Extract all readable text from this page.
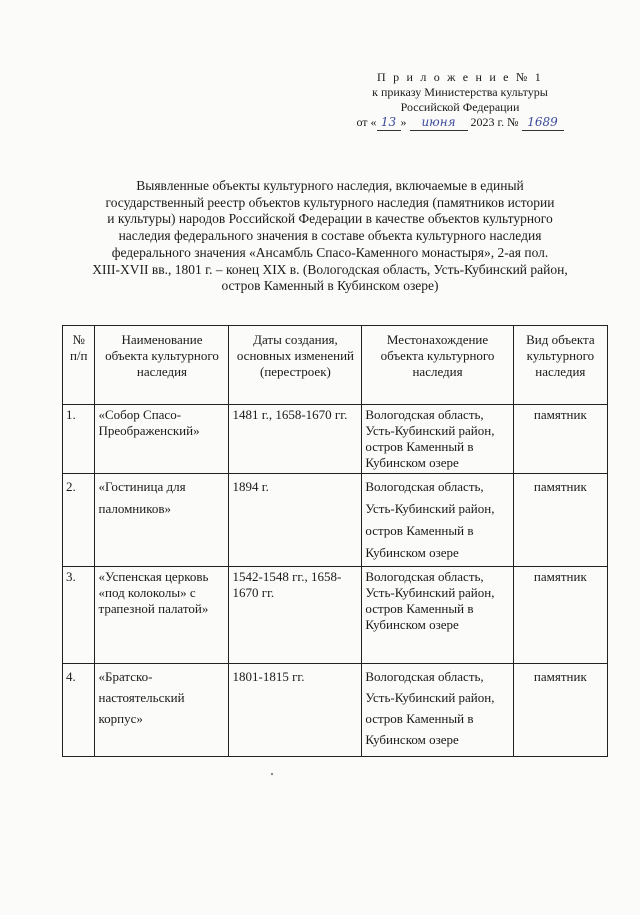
П р и л о ж е н и е № 1
к приказу Министерства культуры
Российской Федерации
от « 13 » июня 2023 г. № 1689
Выявленные объекты культурного наследия, включаемые в единый
государственный реестр объектов культурного наследия (памятников истории
и культуры) народов Российской Федерации в качестве объектов культурного
наследия федерального значения в составе объекта культурного наследия
федерального значения «Ансамбль Спасо-Каменного монастыря», 2-ая пол.
XIII-XVII вв., 1801 г. – конец XIX в. (Вологодская область, Усть-Кубинский район,
остров Каменный в Кубинском озере)
№ п/п	Наименование объекта культурного наследия	Даты создания, основных изменений (перестроек)	Местонахождение объекта культурного наследия	Вид объекта культурного наследия
1.	«Собор Спасо-Преображенский»	1481 г., 1658-1670 гг.	Вологодская область, Усть-Кубинский район, остров Каменный в Кубинском озере	памятник
2.	«Гостиница для паломников»	1894 г.	Вологодская область, Усть-Кубинский район, остров Каменный в Кубинском озере	памятник
3.	«Успенская церковь «под колоколы» с трапезной палатой»	1542-1548 гг., 1658-1670 гг.	Вологодская область, Усть-Кубинский район, остров Каменный в Кубинском озере	памятник
4.	«Братско-настоятельский корпус»	1801-1815 гг.	Вологодская область, Усть-Кубинский район, остров Каменный в Кубинском озере	памятник
